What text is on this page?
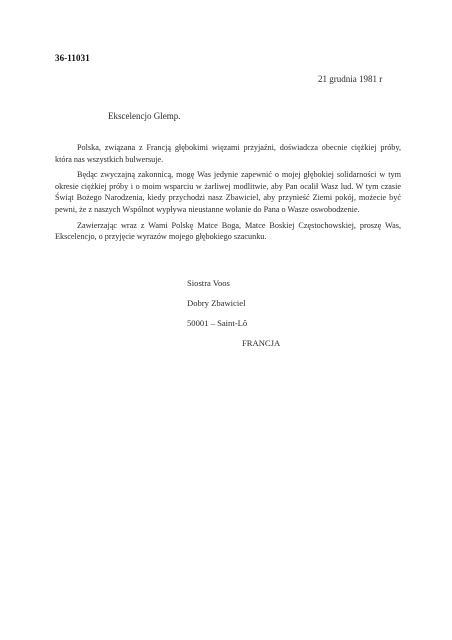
36-11031
21 grudnia 1981 r
Ekscelencjo Glemp.

Polska, związana z Francją głębokimi więzami przyjaźni, doświadcza obecnie ciężkiej próby, która nas wszystkich bulwersuje.

Będąc zwyczajną zakonnicą, mogę Was jedynie zapewnić o mojej głębokiej solidarności w tym okresie ciężkiej próby i o moim wsparciu w żarliwej modlitwie, aby Pan ocalił Wasz lud. W tym czasie Świąt Bożego Narodzenia, kiedy przychodzi nasz Zbawiciel, aby przynieść Ziemi pokój, możecie być pewni, że z naszych Wspólnot wypływa nieustanne wołanie do Pana o Wasze oswobodzenie.

Zawierzając wraz z Wami Polskę Matce Boga, Matce Boskiej Częstochowskiej, proszę Was, Ekscelencjo, o przyjęcie wyrazów mojego głębokiego szacunku.

Siostra Voos
Dobry Zbawiciel
50001 – Saint-Lô
FRANCJA
